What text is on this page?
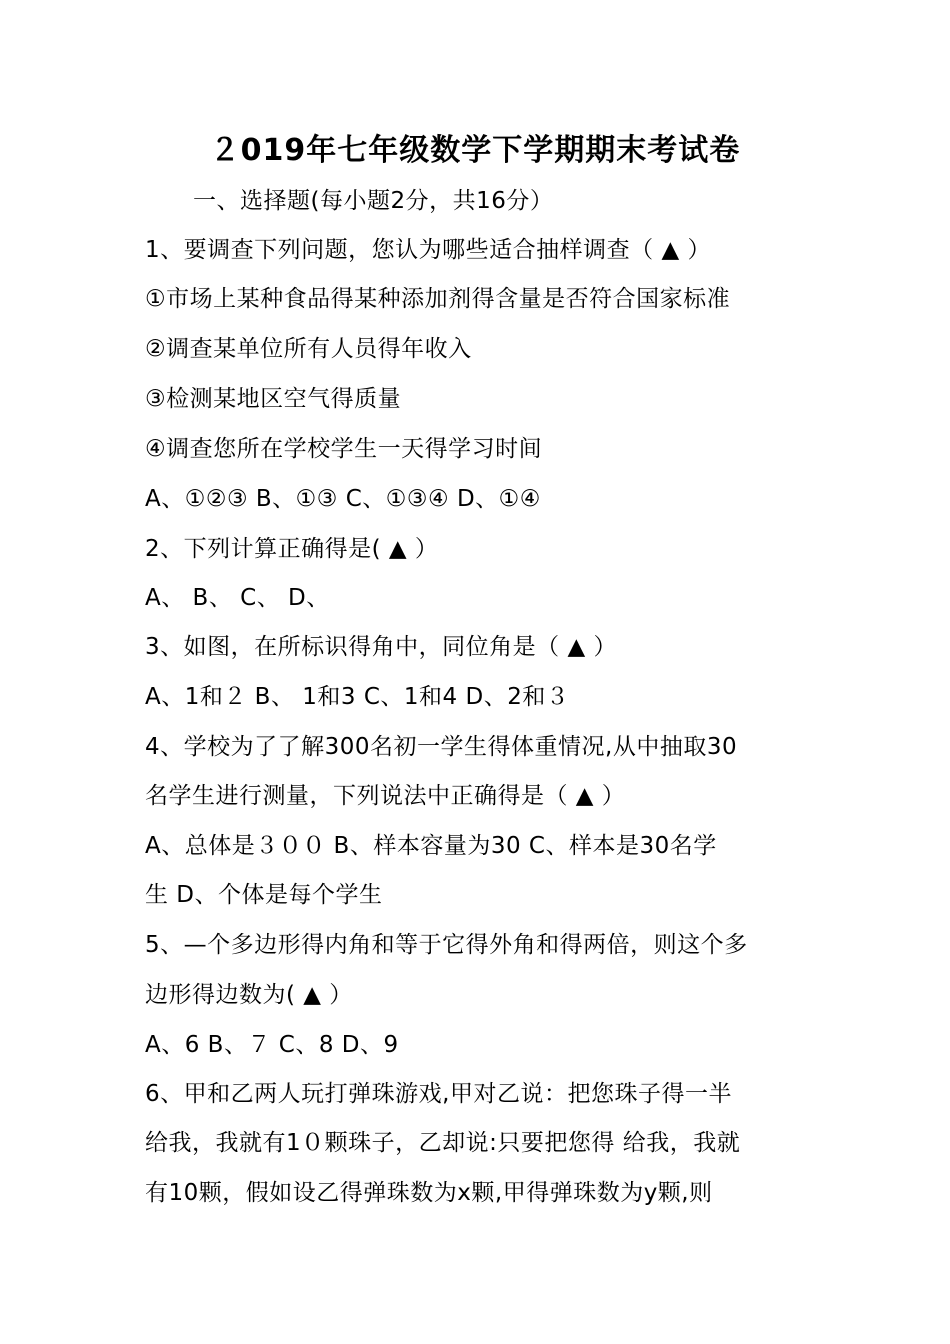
２019年七年级数学下学期期末考试卷
一、选择题(每小题2分，共16分）
1、要调查下列问题，您认为哪些适合抽样调查（ ▲ ）
①市场上某种食品得某种添加剂得含量是否符合国家标准
②调查某单位所有人员得年收入
③检测某地区空气得质量
④调查您所在学校学生一天得学习时间
A、①②③ B、①③ C、①③④ D、①④
2、下列计算正确得是( ▲ ）
A、 B、 C、 D、
3、如图，在所标识得角中，同位角是（ ▲ ）
A、1和２ B、 1和3 C、1和4 D、2和３
4、学校为了了解300名初一学生得体重情况,从中抽取30
名学生进行测量，下列说法中正确得是（ ▲ ）
A、总体是３００ B、样本容量为30 C、样本是30名学
生 D、个体是每个学生
5、—个多边形得内角和等于它得外角和得两倍，则这个多
边形得边数为( ▲ ）
A、6 B、７ C、8 D、9
6、甲和乙两人玩打弹珠游戏,甲对乙说：把您珠子得一半
给我，我就有1０颗珠子，乙却说:只要把您得 给我，我就
有10颗，假如设乙得弹珠数为x颗,甲得弹珠数为y颗,则
